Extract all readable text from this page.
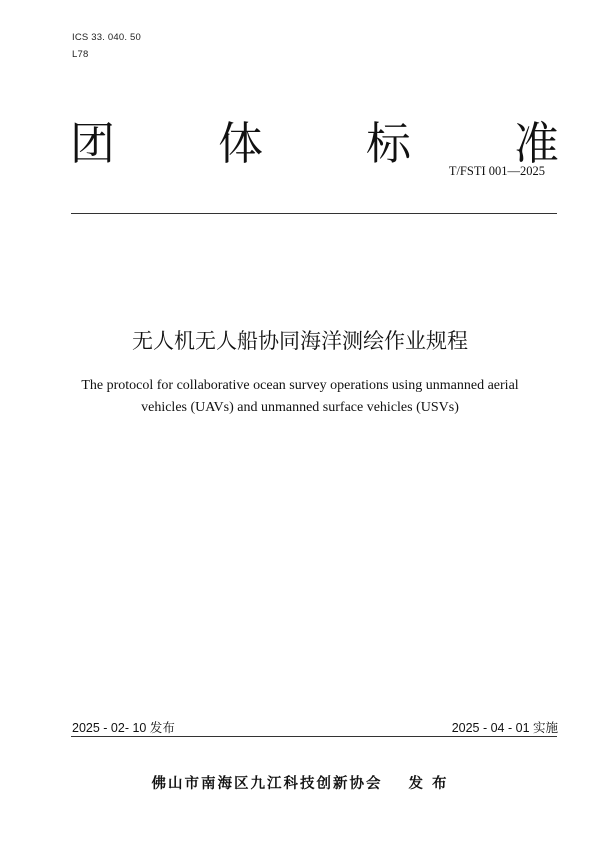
ICS 33. 040. 50
L78
团 体 标 准
T/FSTI 001—2025
无人机无人船协同海洋测绘作业规程
The protocol for collaborative ocean survey operations using unmanned aerial
vehicles (UAVs) and unmanned surface vehicles (USVs)
2025 - 02- 10 发布	2025 - 04 - 01 实施
佛山市南海区九江科技创新协会 发 布
